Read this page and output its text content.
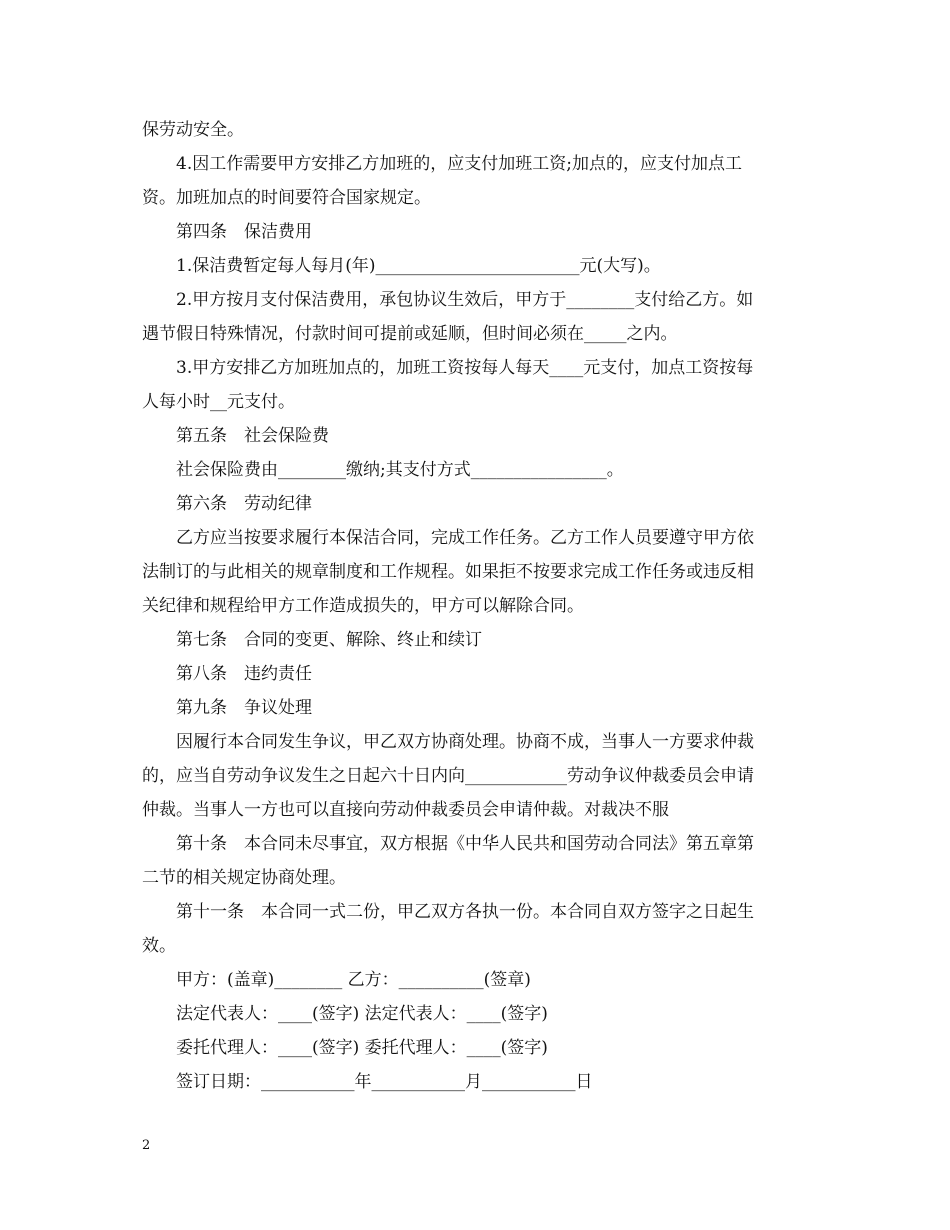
保劳动安全。
4.因工作需要甲方安排乙方加班的，应支付加班工资;加点的，应支付加点工
资。加班加点的时间要符合国家规定。
第四条　保洁费用
1.保洁费暂定每人每月(年)________________________元(大写)。
2.甲方按月支付保洁费用，承包协议生效后，甲方于________支付给乙方。如
遇节假日特殊情况，付款时间可提前或延顺，但时间必须在_____之内。
3.甲方安排乙方加班加点的，加班工资按每人每天____元支付，加点工资按每
人每小时__元支付。
第五条　社会保险费
社会保险费由________缴纳;其支付方式________________。
第六条　劳动纪律
乙方应当按要求履行本保洁合同，完成工作任务。乙方工作人员要遵守甲方依
法制订的与此相关的规章制度和工作规程。如果拒不按要求完成工作任务或违反相
关纪律和规程给甲方工作造成损失的，甲方可以解除合同。
第七条　合同的变更、解除、终止和续订
第八条　违约责任
第九条　争议处理
因履行本合同发生争议，甲乙双方协商处理。协商不成，当事人一方要求仲裁
的，应当自劳动争议发生之日起六十日内向____________劳动争议仲裁委员会申请
仲裁。当事人一方也可以直接向劳动仲裁委员会申请仲裁。对裁决不服
第十条　本合同未尽事宜，双方根据《中华人民共和国劳动合同法》第五章第
二节的相关规定协商处理。
第十一条　本合同一式二份，甲乙双方各执一份。本合同自双方签字之日起生
效。
甲方：(盖章)________ 乙方：__________(签章)
法定代表人：____(签字) 法定代表人：____(签字)
委托代理人：____(签字) 委托代理人：____(签字)
签订日期：___________年___________月___________日
2
